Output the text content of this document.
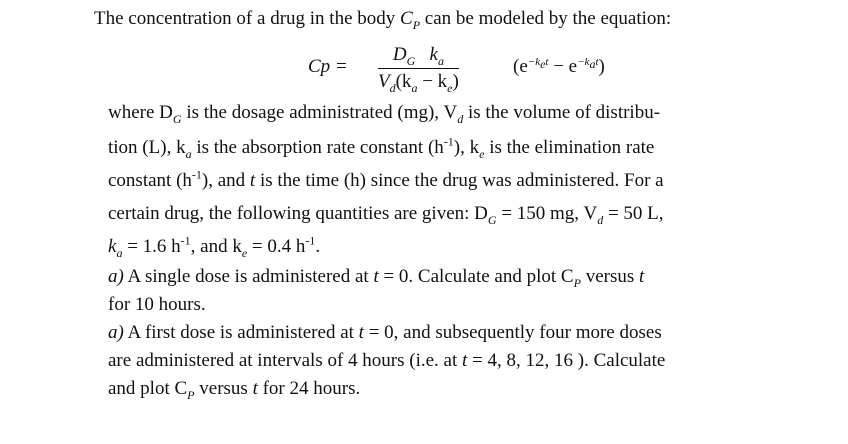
The concentration of a drug in the body $C_P$ can be modeled by the equation:
Cp =
$D_G$ $k_a$
$V_d(k_a - k_e)$
$(e^{-k_et} - e^{-k_at})$
where $D_G$ is the dosage administrated (mg), $V_d$ is the volume of distribu-
tion (L), $k_a$ is the absorption rate constant $(h^{-1})$, $k_e$ is the elimination rate
constant $(h^{-1})$, and t is the time (h) since the drug was administered. For a
certain drug, the following quantities are given: $D_G = 150$ mg, $V_d = 50$ L,
$k_a = 1.6$ $h^{-1}$, and $k_e = 0.4$ $h^{-1}$.
a) A single dose is administered at t = 0. Calculate and plot $C_P$ versus t
for 10 hours.
a) A first dose is administered at t = 0, and subsequently four more doses
are administered at intervals of 4 hours (i.e. at t = 4, 8, 12, 16 ). Calculate
and plot $C_P$ versus t for 24 hours.
